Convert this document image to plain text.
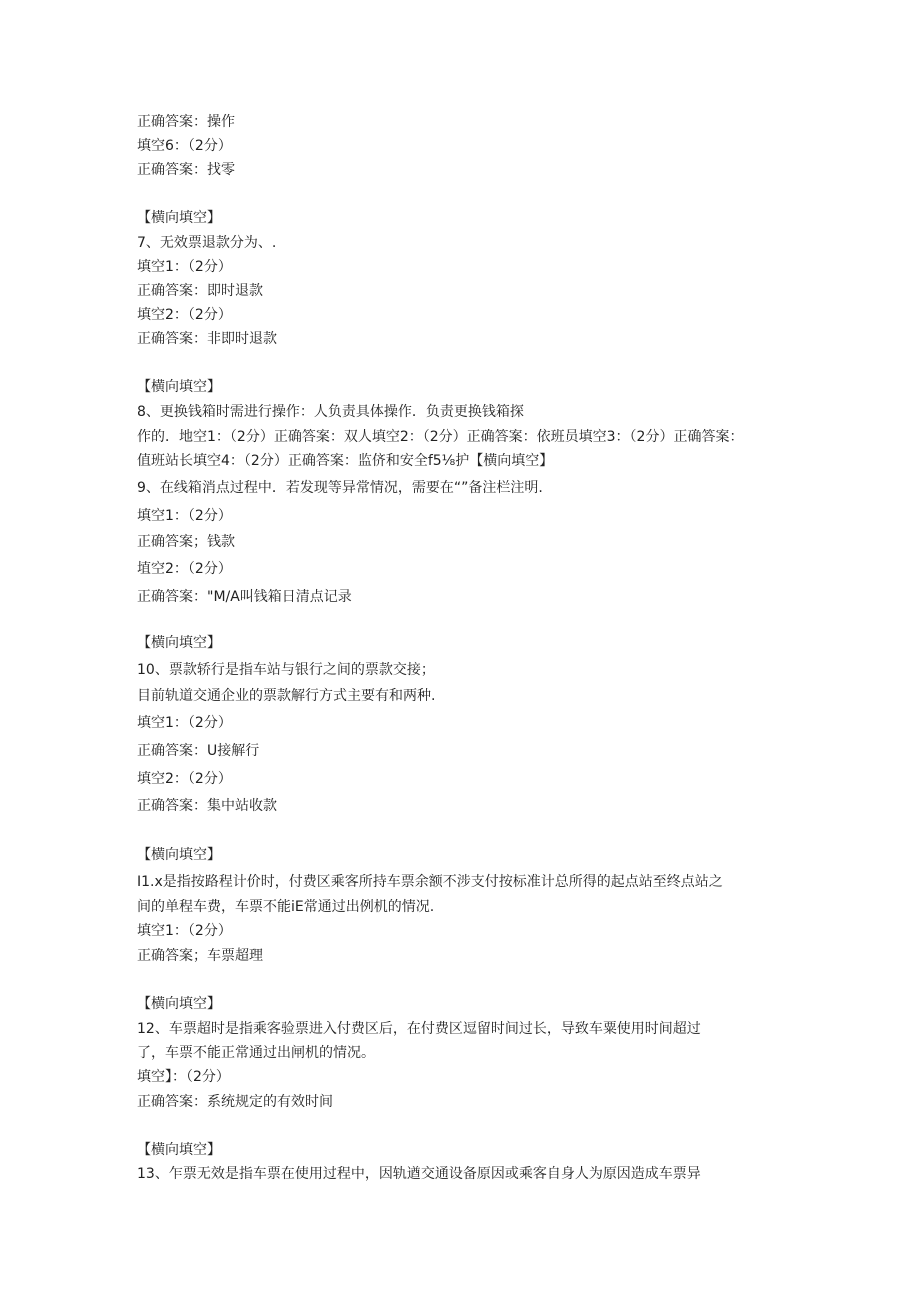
正确答案：操作

填空6：（2分）

正确答案：找零

【横向填空】

7、无效票退款分为、.

填空1：（2分）

正确答案：即时退款

填空2：（2分）

正确答案：非即时退款

【横向填空】

8、更换钱箱时需进行操作：人负责具体操作．负责更换钱箱探

作的．地空1：（2分）正确答案：双人填空2：（2分）正确答案：依班员填空3：（2分）正确答案：

值班站长填空4：（2分）正确答案：监侪和安全f5⅛护【横向填空】

9、在线箱消点过程中．若发现等异常情况，需要在“”备注栏注明.

填空1：（2分）

正确答案；钱款

埴空2：（2分）

正确答案："M/A叫钱箱日清点记录

【横向填空】

10、票款轿行是指车站与银行之间的票款交接；

目前轨道交通企业的票款解行方式主要有和两种.

填空1：（2分）

正确答案：U接解行

填空2：（2分）

正确答案：集中站收款

【横向填空】

I1.x是指按路程计价时，付费区乘客所持车票余额不涉支付按标准计总所得的起点站至终点站之

间的单程车费，车票不能iE常通过出例机的情况.

填空1：（2分）

正确答案；车票超理

【横向填空】

12、车票超时是指乘客验票进入付费区后，在付费区逗留时间过长，导致车粟使用时间超过

了，车票不能正常通过出闸机的情况。

填空】：（2分）

正确答案：系统规定的有效时间

【横向填空】

13、乍票无效是指车票在使用过程中，因轨遒交通设备原因或乘客自身人为原因造成车票异
